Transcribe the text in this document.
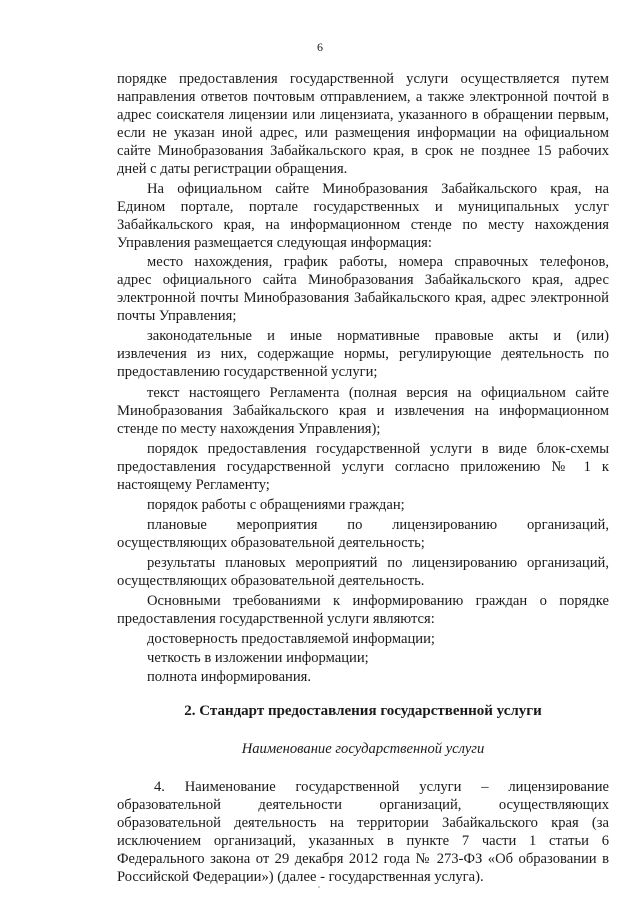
6
порядке предоставления государственной услуги осуществляется путем
направления ответов почтовым отправлением, а также электронной почтой в
адрес соискателя лицензии или лицензиата, указанного в обращении первым,
если не указан иной адрес, или размещения информации на официальном
сайте Минобразования Забайкальского края, в срок не позднее 15 рабочих
дней с даты регистрации обращения.
На официальном сайте Минобразования Забайкальского края, на
Едином портале, портале государственных и муниципальных услуг
Забайкальского края, на информационном стенде по месту нахождения
Управления размещается следующая информация:
место нахождения, график работы, номера справочных телефонов,
адрес официального сайта Минобразования Забайкальского края, адрес
электронной почты Минобразования Забайкальского края, адрес электронной
почты Управления;
законодательные и иные нормативные правовые акты и (или)
извлечения из них, содержащие нормы, регулирующие деятельность по
предоставлению государственной услуги;
текст настоящего Регламента (полная версия на официальном сайте
Минобразования Забайкальского края и извлечения на информационном
стенде по месту нахождения Управления);
порядок предоставления государственной услуги в виде блок-схемы
предоставления государственной услуги согласно приложению № 1 к
настоящему Регламенту;
порядок работы с обращениями граждан;
плановые мероприятия по лицензированию организаций,
осуществляющих образовательной деятельность;
результаты плановых мероприятий по лицензированию организаций,
осуществляющих образовательной деятельность.
Основными требованиями к информированию граждан о порядке
предоставления государственной услуги являются:
достоверность предоставляемой информации;
четкость в изложении информации;
полнота информирования.
2. Стандарт предоставления государственной услуги
Наименование государственной услуги
4. Наименование государственной услуги – лицензирование
образовательной деятельности организаций, осуществляющих
образовательной деятельность на территории Забайкальского края (за
исключением организаций, указанных в пункте 7 части 1 статьи 6
Федерального закона от 29 декабря 2012 года № 273-ФЗ «Об образовании в
Российской Федерации») (далее - государственная услуга).
